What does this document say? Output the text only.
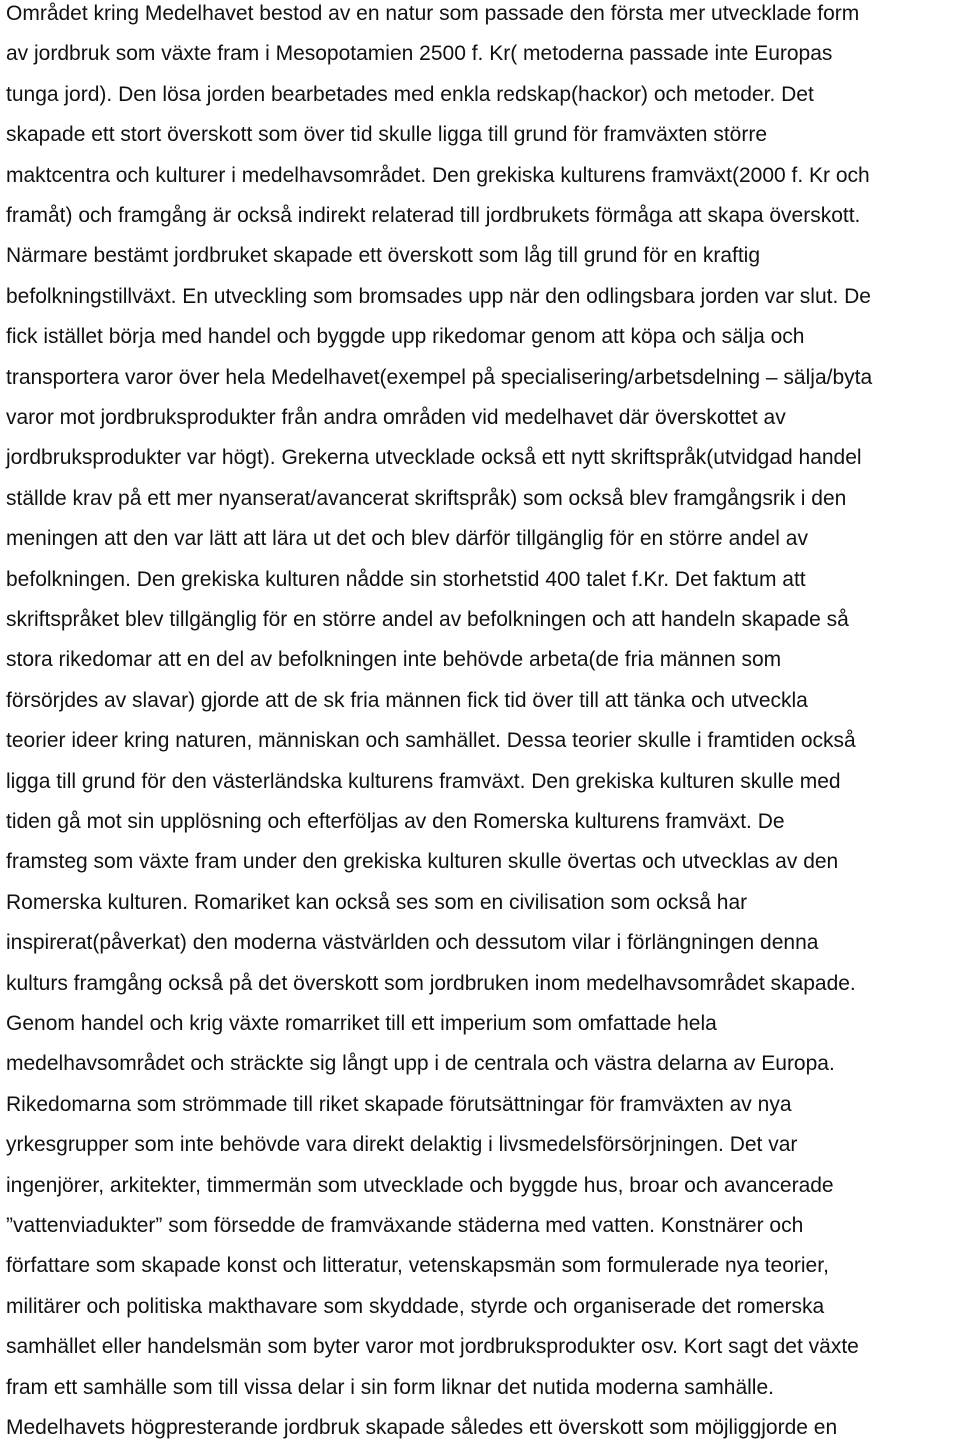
Området kring Medelhavet bestod av en natur som passade den första mer utvecklade form
av jordbruk som växte fram i Mesopotamien 2500 f. Kr( metoderna passade inte Europas
tunga jord). Den lösa jorden bearbetades med enkla redskap(hackor) och metoder. Det
skapade ett stort överskott som över tid skulle ligga till grund för framväxten större
maktcentra och kulturer i medelhavsområdet. Den grekiska kulturens framväxt(2000 f. Kr och
framåt) och framgång är också indirekt relaterad till jordbrukets förmåga att skapa överskott.
Närmare bestämt jordbruket skapade ett överskott som låg till grund för en kraftig
befolkningstillväxt. En utveckling som bromsades upp när den odlingsbara jorden var slut. De
fick istället börja med handel och byggde upp rikedomar genom att köpa och sälja och
transportera varor över hela Medelhavet(exempel på specialisering/arbetsdelning – sälja/byta
varor mot jordbruksprodukter från andra områden vid medelhavet där överskottet av
jordbruksprodukter var högt). Grekerna utvecklade också ett nytt skriftspråk(utvidgad handel
ställde krav på ett mer nyanserat/avancerat skriftspråk) som också blev framgångsrik i den
meningen att den var lätt att lära ut det och blev därför tillgänglig för en större andel av
befolkningen. Den grekiska kulturen nådde sin storhetstid 400 talet f.Kr. Det faktum att
skriftspråket blev tillgänglig för en större andel av befolkningen och att handeln skapade så
stora rikedomar att en del av befolkningen inte behövde arbeta(de fria männen som
försörjdes av slavar) gjorde att de sk fria männen fick tid över till att tänka och utveckla
teorier ideer kring naturen, människan och samhället. Dessa teorier skulle i framtiden också
ligga till grund för den västerländska kulturens framväxt. Den grekiska kulturen skulle med
tiden gå mot sin upplösning och efterföljas av den Romerska kulturens framväxt. De
framsteg som växte fram under den grekiska kulturen skulle övertas och utvecklas av den
Romerska kulturen. Romariket kan också ses som en civilisation som också har
inspirerat(påverkat) den moderna västvärlden och dessutom vilar i förlängningen denna
kulturs framgång också på det överskott som jordbruken inom medelhavsområdet skapade.
Genom handel och krig växte romarriket till ett imperium som omfattade hela
medelhavsområdet och sträckte sig långt upp i de centrala och västra delarna av Europa.
Rikedomarna som strömmade till riket skapade förutsättningar för framväxten av nya
yrkesgrupper som inte behövde vara direkt delaktig i livsmedelsförsörjningen. Det var
ingenjörer, arkitekter, timmermän som utvecklade och byggde hus, broar och avancerade
”vattenviadukter” som försedde de framväxande städerna med vatten. Konstnärer och
författare som skapade konst och litteratur, vetenskapsmän som formulerade nya teorier,
militärer och politiska makthavare som skyddade, styrde och organiserade det romerska
samhället eller handelsmän som byter varor mot jordbruksprodukter osv. Kort sagt det växte
fram ett samhälle som till vissa delar i sin form liknar det nutida moderna samhälle.
Medelhavets högpresterande jordbruk skapade således ett överskott som möjliggjorde en
